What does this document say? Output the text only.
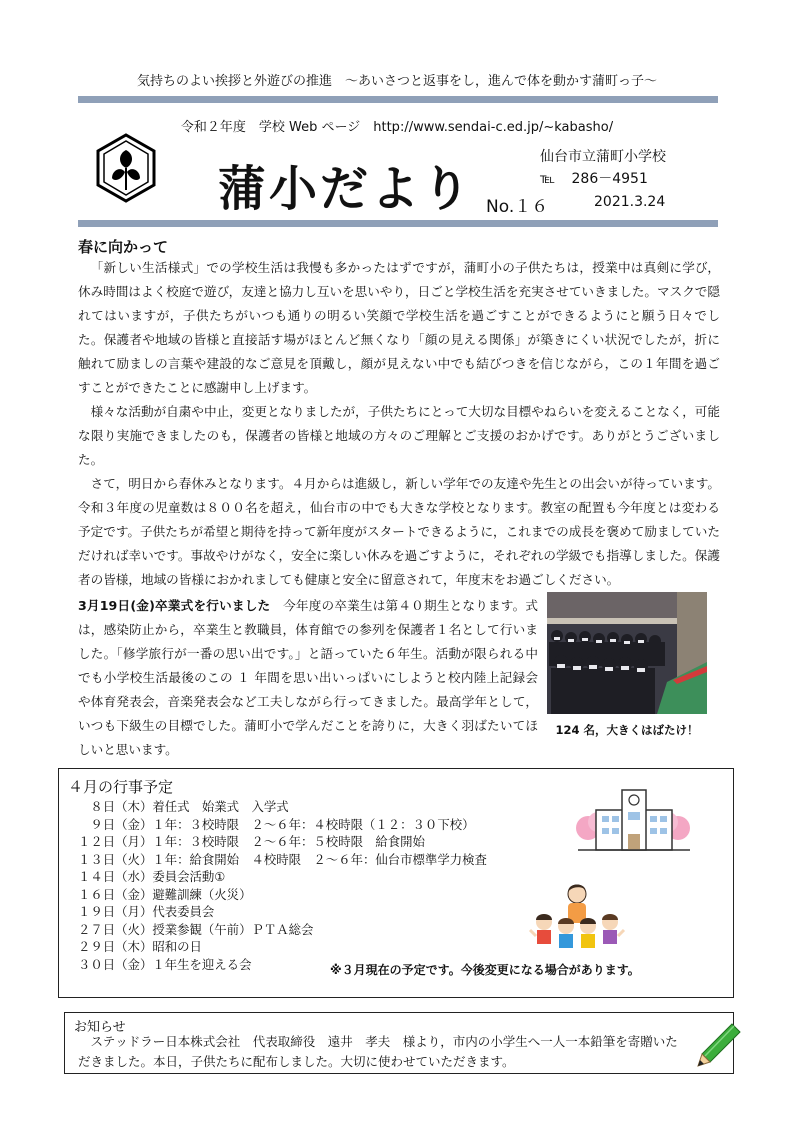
気持ちのよい挨拶と外遊びの推進　～あいさつと返事をし，進んで体を動かす蒲町っ子～
令和２年度　学校 Web ページ　http://www.sendai-c.ed.jp/~kabasho/
蒲小だより
仙台市立蒲町小学校
℡ 286－4951
No.１６	2021.3.24
春に向かって
「新しい生活様式」での学校生活は我慢も多かったはずですが，蒲町小の子供たちは，授業中は真剣に学び，休み時間はよく校庭で遊び，友達と協力し互いを思いやり，日ごと学校生活を充実させていきました。マスクで隠れてはいますが，子供たちがいつも通りの明るい笑顔で学校生活を過ごすことができるようにと願う日々でした。保護者や地域の皆様と直接話す場がほとんど無くなり「顔の見える関係」が築きにくい状況でしたが，折に触れて励ましの言葉や建設的なご意見を頂戴し，顔が見えない中でも結びつきを信じながら，この１年間を過ごすことができたことに感謝申し上げます。
様々な活動が自粛や中止，変更となりましたが，子供たちにとって大切な目標やねらいを変えることなく，可能な限り実施できましたのも，保護者の皆様と地域の方々のご理解とご支援のおかげです。ありがとうございました。
さて，明日から春休みとなります。４月からは進級し，新しい学年での友達や先生との出会いが待っています。令和３年度の児童数は８００名を超え，仙台市の中でも大きな学校となります。教室の配置も今年度とは変わる予定です。子供たちが希望と期待を持って新年度がスタートできるように，これまでの成長を褒めて励ましていただければ幸いです。事故やけがなく，安全に楽しい休みを過ごすように，それぞれの学級でも指導しました。保護者の皆様，地域の皆様におかれましても健康と安全に留意されて，年度末をお過ごしください。
3月19日(金)卒業式を行いました　今年度の卒業生は第４０期生となります。式は，感染防止から，卒業生と教職員，体育館での参列を保護者１名として行いました。「修学旅行が一番の思い出です。」と語っていた６年生。活動が限られる中でも小学校生活最後のこの １ 年間を思い出いっぱいにしようと校内陸上記録会や体育発表会，音楽発表会など工夫しながら行ってきました。最高学年として，いつも下級生の目標でした。蒲町小で学んだことを誇りに，大きく羽ばたいてほしいと思います。
124 名，大きくはばたけ！
４月の行事予定
　８日（木）着任式　始業式　入学式
　９日（金）１年：３校時限　２～６年：４校時限（１２：３０下校）
１２日（月）１年：３校時限　２～６年：５校時限　給食開始
１３日（火）１年：給食開始　４校時限　２～６年：仙台市標準学力検査
１４日（水）委員会活動①
１６日（金）避難訓練（火災）
１９日（月）代表委員会
２７日（火）授業参観（午前）ＰＴＡ総会
２９日（木）昭和の日
３０日（金）１年生を迎える会	※３月現在の予定です。今後変更になる場合があります。
お知らせ
ステッドラー日本株式会社　代表取締役　遠井　孝夫　様より，市内の小学生へ一人一本鉛筆を寄贈いただきました。本日，子供たちに配布しました。大切に使わせていただきます。
